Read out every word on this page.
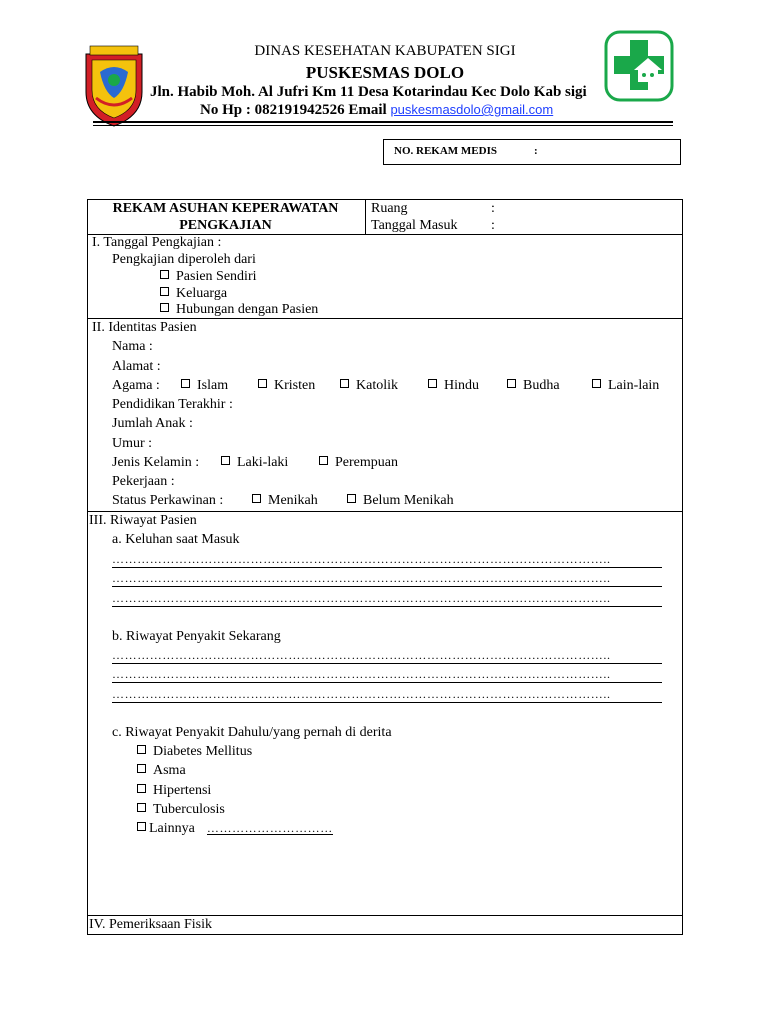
DINAS KESEHATAN KABUPATEN SIGI
PUSKESMAS DOLO
Jln. Habib Moh. Al Jufri Km 11 Desa Kotarindau Kec Dolo Kab sigi
No Hp : 082191942526 Email puskesmasdolo@gmail.com
NO. REKAM MEDIS	:
REKAM ASUHAN KEPERAWATAN
PENGKAJIAN
Ruang	:
Tanggal Masuk :
I. Tanggal Pengkajian :
Pengkajian diperoleh dari
Pasien Sendiri
Keluarga
Hubungan dengan Pasien
II. Identitas Pasien
Nama :
Alamat :
Agama :	Islam	Kristen	Katolik	Hindu	Budha	Lain-lain
Pendidikan Terakhir :
Jumlah Anak :
Umur :
Jenis Kelamin :	Laki-laki	Perempuan
Pekerjaan :
Status Perkawinan :	Menikah	Belum Menikah
III. Riwayat Pasien
a. Keluhan saat Masuk
………………………………………………………………………………………………………..
………………………………………………………………………………………………………..
………………………………………………………………………………………………………..
b. Riwayat Penyakit Sekarang
………………………………………………………………………………………………………..
………………………………………………………………………………………………………..
………………………………………………………………………………………………………..
c. Riwayat Penyakit Dahulu/yang pernah di derita
Diabetes Mellitus
Asma
Hipertensi
Tuberculosis
Lainnya …………………………
IV. Pemeriksaan Fisik
